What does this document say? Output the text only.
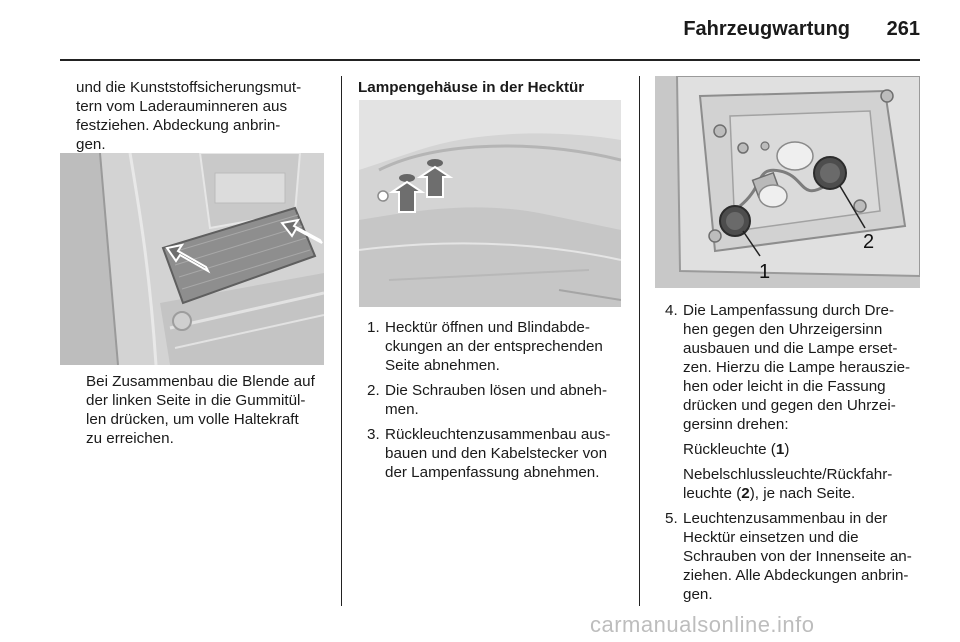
Fahrzeugwartung	261

und die Kunststoffsicherungsmut-

tern vom Laderauminneren aus

festziehen. Abdeckung anbrin-

gen.

Bei Zusammenbau die Blende auf

der linken Seite in die Gummitül-

len drücken, um volle Haltekraft

zu erreichen.

Lampengehäuse in der Hecktür
1. Hecktür öffnen und Blindabde-
ckungen an der entsprechenden
Seite abnehmen.
2. Die Schrauben lösen und abneh-
men.
3. Rückleuchtenzusammenbau aus-
bauen und den Kabelstecker von
der Lampenfassung abnehmen.
1
2
4. Die Lampenfassung durch Dre-
hen gegen den Uhrzeigersinn
ausbauen und die Lampe erset-
zen. Hierzu die Lampe herauszie-
hen oder leicht in die Fassung
drücken und gegen den Uhrzei-
gersinn drehen:

Rückleuchte (1)

Nebelschlussleuchte/Rückfahr-
leuchte (2), je nach Seite.

5. Leuchtenzusammenbau in der
Hecktür einsetzen und die
Schrauben von der Innenseite an-
ziehen. Alle Abdeckungen anbrin-
gen.
carmanualsonline.info
